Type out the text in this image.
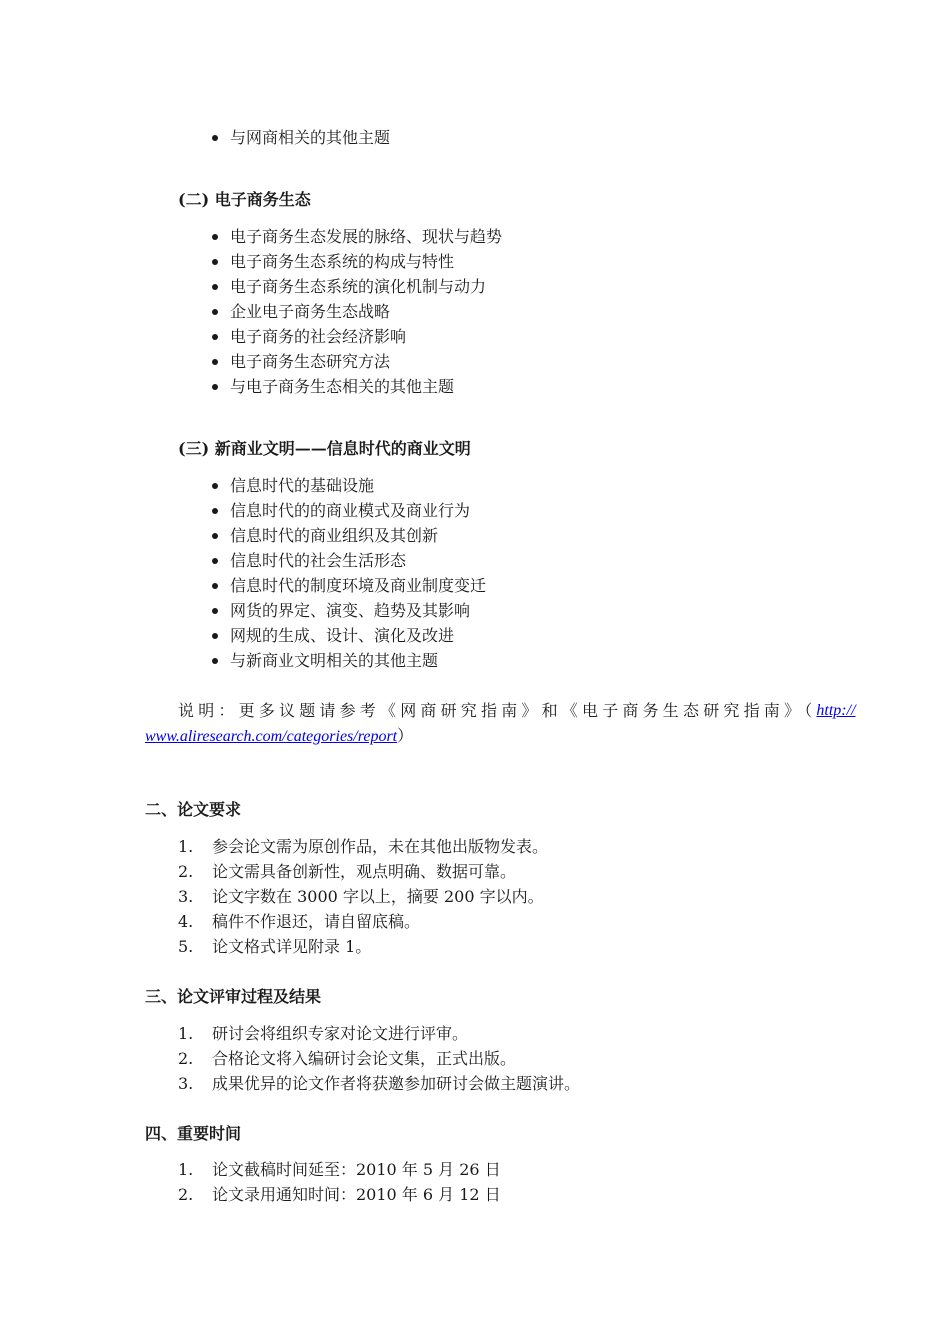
与网商相关的其他主题
(二) 电子商务生态
电子商务生态发展的脉络、现状与趋势
电子商务生态系统的构成与特性
电子商务生态系统的演化机制与动力
企业电子商务生态战略
电子商务的社会经济影响
电子商务生态研究方法
与电子商务生态相关的其他主题
(三) 新商业文明——信息时代的商业文明
信息时代的基础设施
信息时代的的商业模式及商业行为
信息时代的商业组织及其创新
信息时代的社会生活形态
信息时代的制度环境及商业制度变迁
网货的界定、演变、趋势及其影响
网规的生成、设计、演化及改进
与新商业文明相关的其他主题
说明：更多议题请参考《网商研究指南》和《电子商务生态研究指南》（ http://
www.aliresearch.com/categories/report）
二、论文要求
1.	参会论文需为原创作品，未在其他出版物发表。
2.	论文需具备创新性，观点明确、数据可靠。
3.	论文字数在 3000 字以上，摘要 200 字以内。
4.	稿件不作退还，请自留底稿。
5.	论文格式详见附录 1。
三、论文评审过程及结果
1.	研讨会将组织专家对论文进行评审。
2.	合格论文将入编研讨会论文集，正式出版。
3.	成果优异的论文作者将获邀参加研讨会做主题演讲。
四、重要时间
1.	论文截稿时间延至：2010 年 5 月 26 日
2.	论文录用通知时间：2010 年 6 月 12 日
